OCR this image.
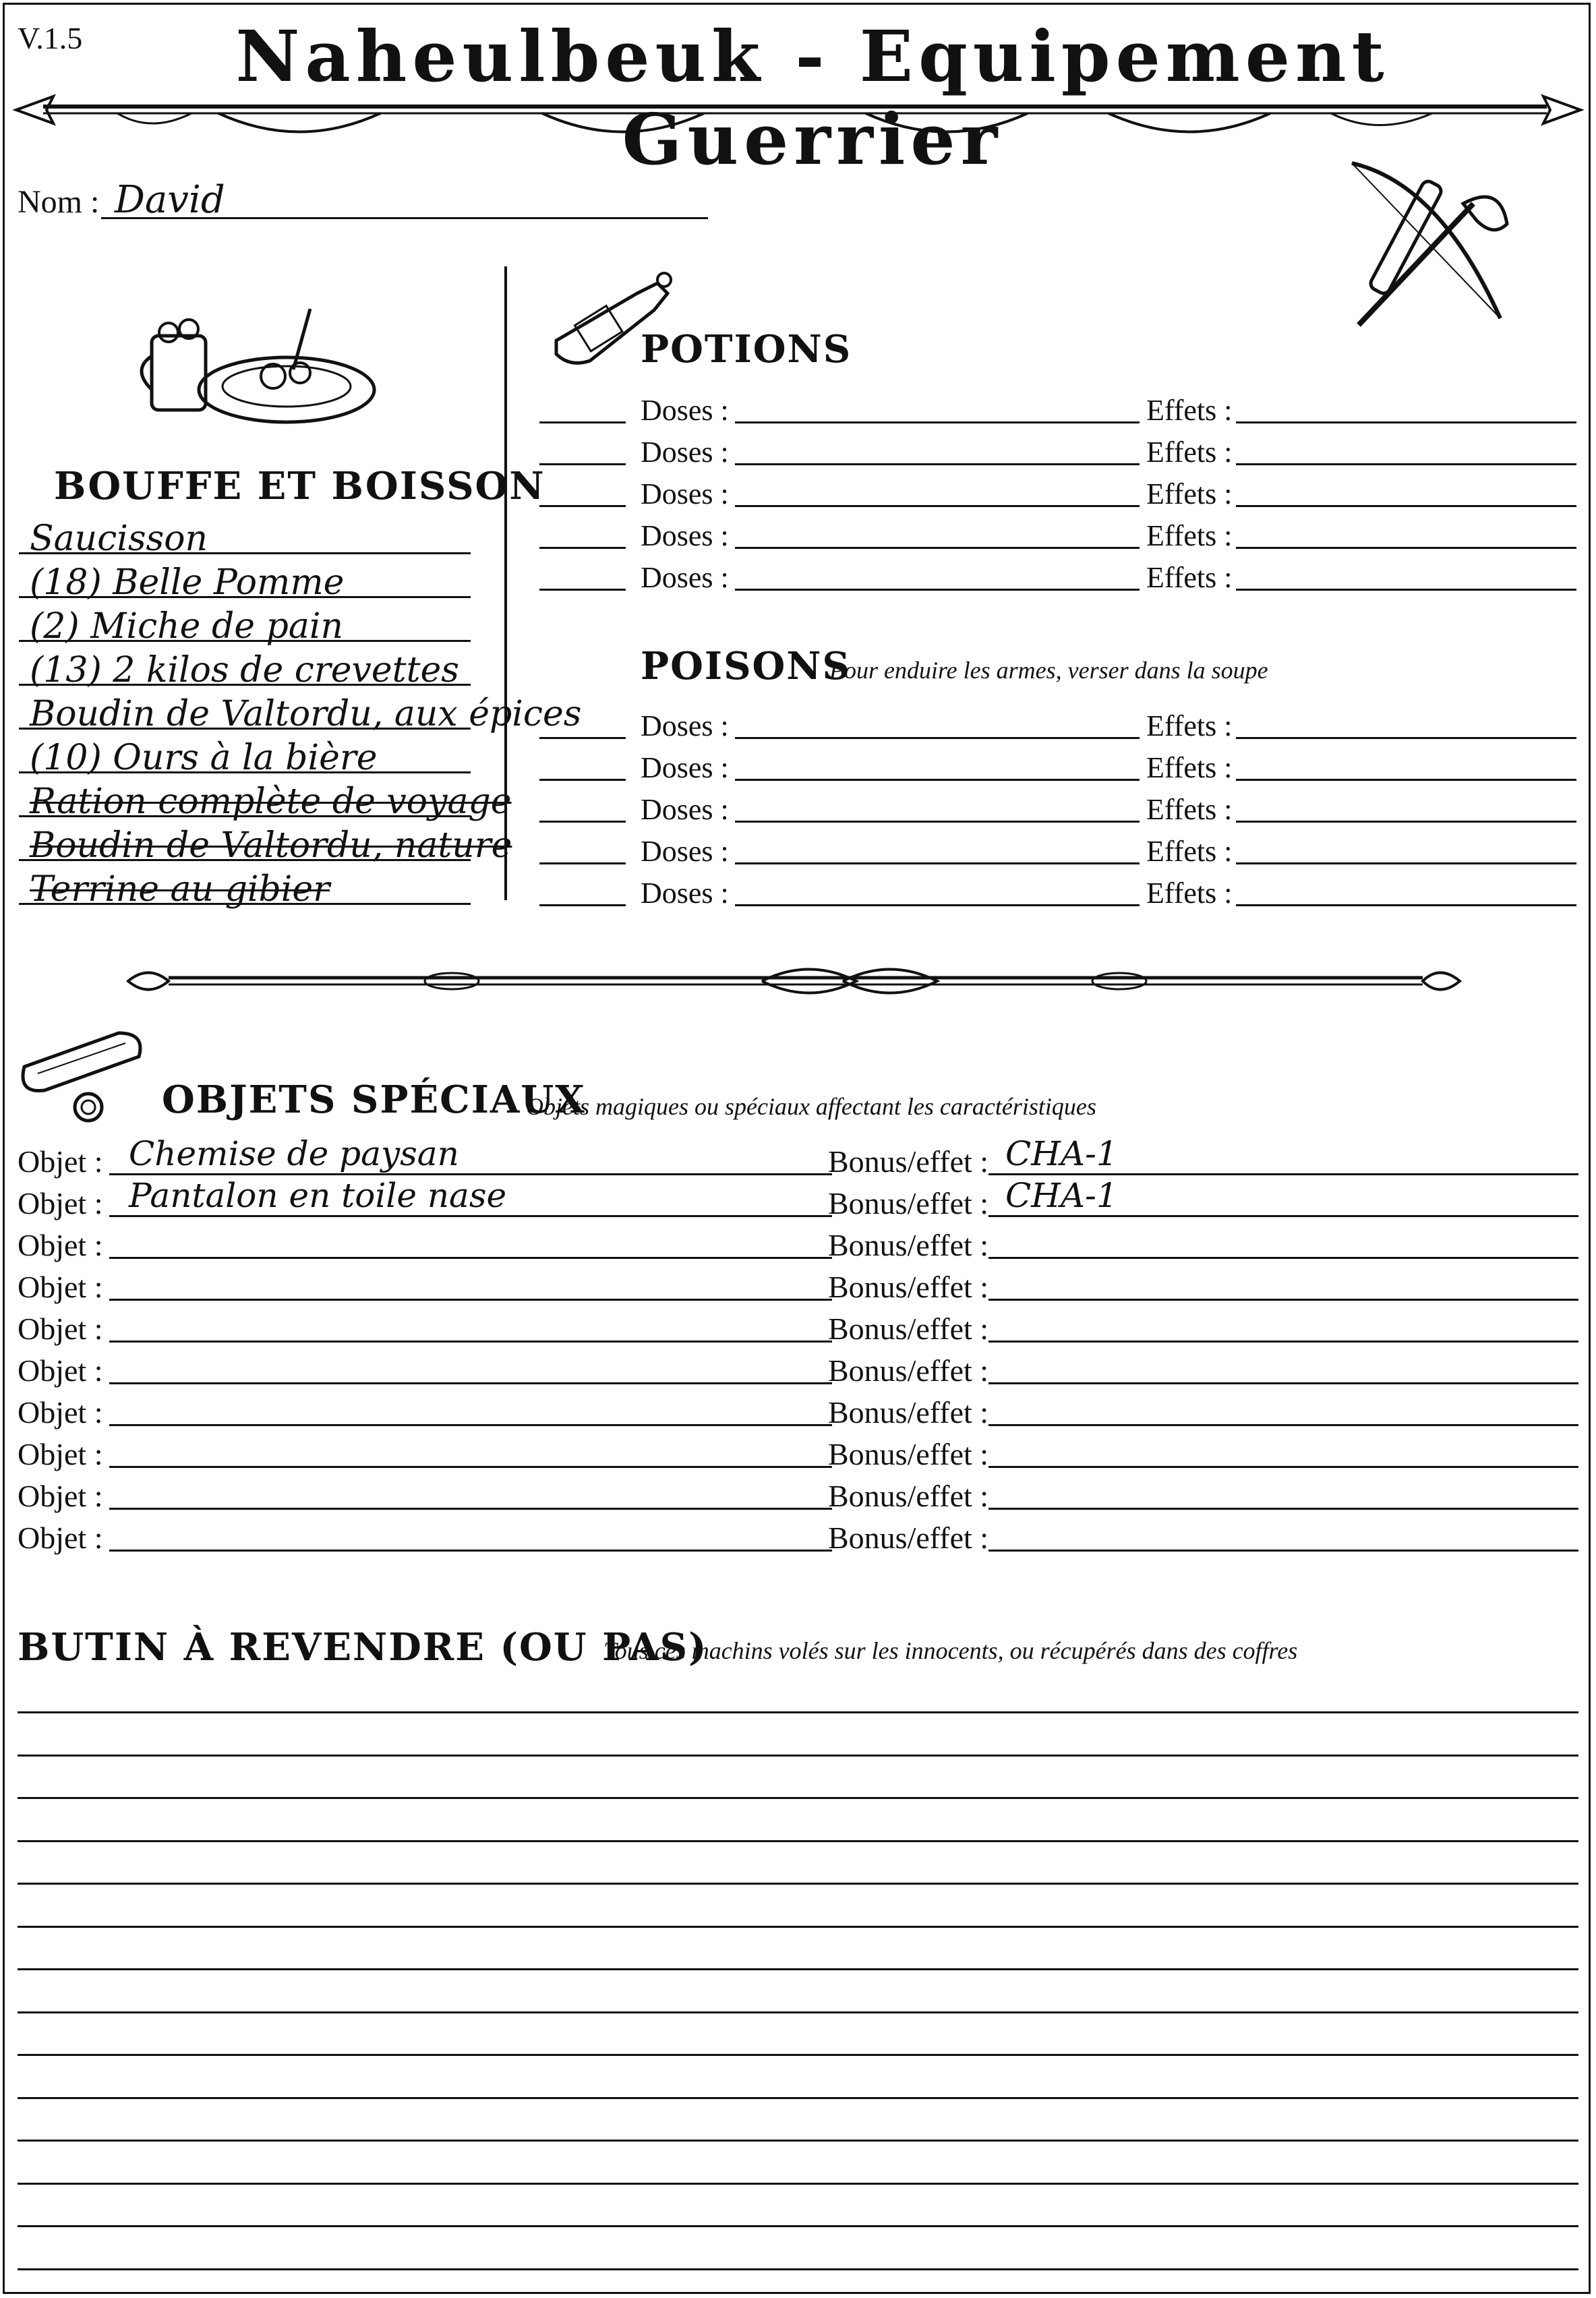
V.1.5	Naheulbeuk - Equipement Guerrier
Nom : David
BOUFFE ET BOISSON
Saucisson
(18) Belle Pomme
(2) Miche de pain
(13) 2 kilos de crevettes
Boudin de Valtordu, aux épices
(10) Ours à la bière
Ration complète de voyage
Boudin de Valtordu, nature
Terrine au gibier
POTIONS
Doses :	Effets :
Doses :	Effets :
Doses :	Effets :
Doses :	Effets :
Doses :	Effets :
POISONS
Pour enduire les armes, verser dans la soupe
Doses :	Effets :
Doses :	Effets :
Doses :	Effets :
Doses :	Effets :
Doses :	Effets :
OBJETS SPÉCIAUX
Objets magiques ou spéciaux affectant les caractéristiques
Objet : Chemise de paysan	Bonus/effet : CHA-1
Objet : Pantalon en toile nase	Bonus/effet : CHA-1
Objet :	Bonus/effet :
Objet :	Bonus/effet :
Objet :	Bonus/effet :
Objet :	Bonus/effet :
Objet :	Bonus/effet :
Objet :	Bonus/effet :
Objet :	Bonus/effet :
Objet :	Bonus/effet :
BUTIN À REVENDRE (OU PAS)
Tous ces machins volés sur les innocents, ou récupérés dans des coffres
